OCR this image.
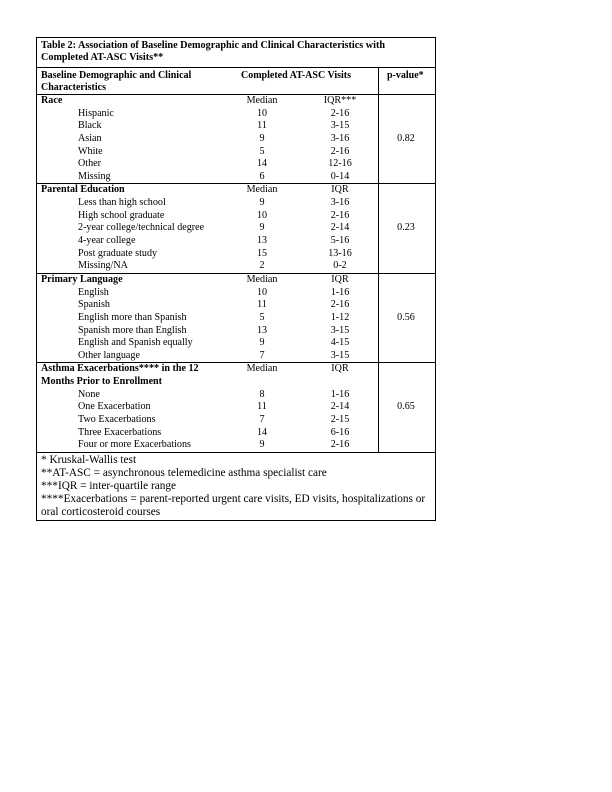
Table 2: Association of Baseline Demographic and Clinical Characteristics with Completed AT-ASC Visits**
Baseline Demographic and Clinical Characteristics
Completed AT-ASC Visits	p-value*
Race	Median	IQR***
Hispanic	10	2-16
Black	11	3-15
Asian	9	3-16
White	5	2-16
Other	14	12-16
Missing	6	0-14
0.82
Parental Education	Median	IQR
Less than high school	9	3-16
High school graduate	10	2-16
2-year college/technical degree	9	2-14
4-year college	13	5-16
Post graduate study	15	13-16
Missing/NA	2	0-2
0.23
Primary Language	Median	IQR
English	10	1-16
Spanish	11	2-16
English more than Spanish	5	1-12
Spanish more than English	13	3-15
English and Spanish equally	9	4-15
Other language	7	3-15
0.56
Asthma Exacerbations**** in the 12	Median	IQR
Months Prior to Enrollment
None	8	1-16
One Exacerbation	11	2-14
Two Exacerbations	7	2-15
Three Exacerbations	14	6-16
Four or more Exacerbations	9	2-16
0.65
* Kruskal-Wallis test
**AT-ASC = asynchronous telemedicine asthma specialist care
***IQR = inter-quartile range
****Exacerbations = parent-reported urgent care visits, ED visits, hospitalizations or oral corticosteroid courses
